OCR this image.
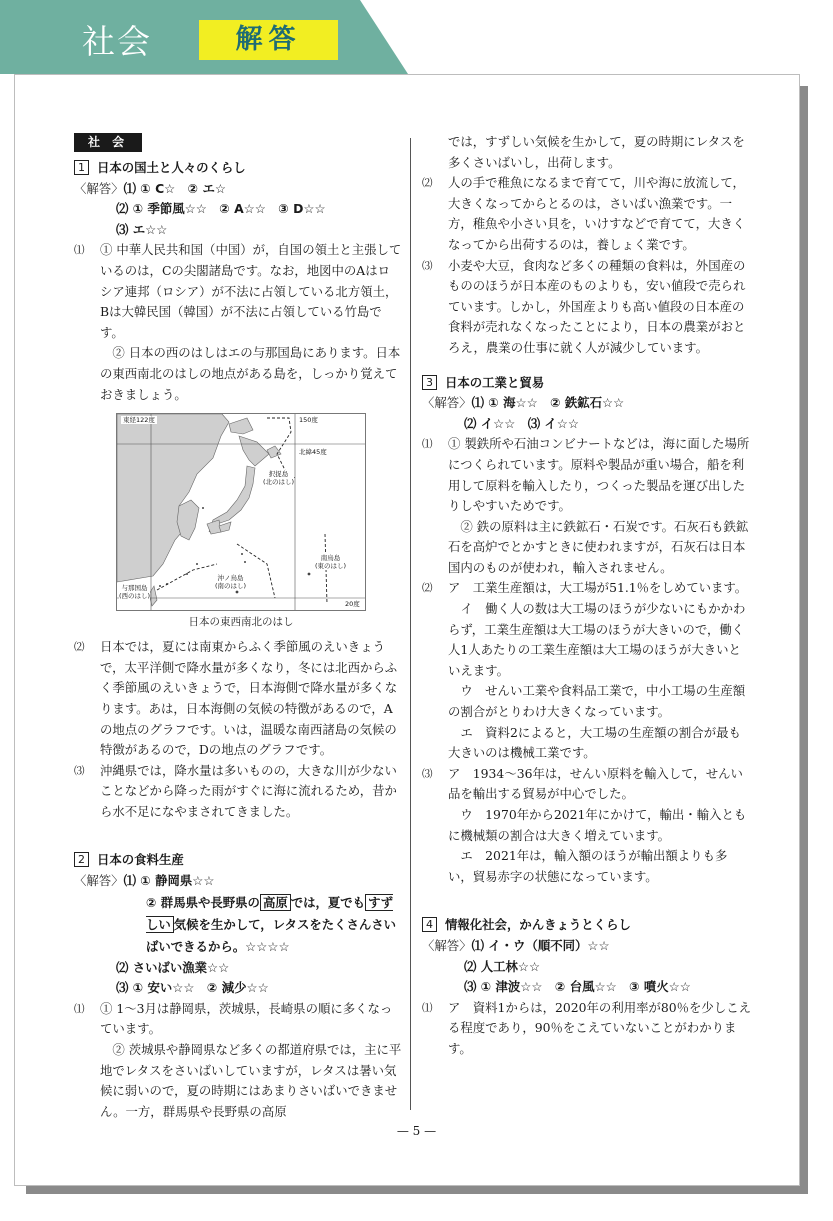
社会	解答
社 会
1 日本の国土と人々のくらし
〈解答〉⑴ ① C☆　② エ☆
⑵ ① 季節風☆☆　② A☆☆　③ D☆☆
⑶ エ☆☆
⑴ ① 中華人民共和国（中国）が，自国の領土と主張しているのは，Cの尖閣諸島です。なお，地図中のAはロシア連邦（ロシア）が不法に占領している北方領土，Bは大韓民国（韓国）が不法に占領している竹島です。
② 日本の西のはしはエの与那国島にあります。日本の東西南北のはしの地点がある島を，しっかり覚えておきましょう。
東経122度	150度
北緯45度
択捉島
(北のはし)
南鳥島
(東のはし)
与那国島
(西のはし)
沖ノ鳥島
(南のはし)
20度
日本の東西南北のはし
⑵ 日本では，夏には南東からふく季節風のえいきょうで，太平洋側で降水量が多くなり，冬には北西からふく季節風のえいきょうで，日本海側で降水量が多くなります。あは，日本海側の気候の特徴があるので，Aの地点のグラフです。いは，温暖な南西諸島の気候の特徴があるので，Dの地点のグラフです。
⑶ 沖縄県では，降水量は多いものの，大きな川が少ないことなどから降った雨がすぐに海に流れるため，昔から水不足になやまされてきました。
2 日本の食料生産
〈解答〉⑴ ① 静岡県☆☆
② 群馬県や長野県の 高原 では，夏でも すずしい 気候を生かして，レタスをたくさんさいばいできるから。☆☆☆☆
⑵ さいばい漁業☆☆
⑶ ① 安い☆☆　② 減少☆☆
⑴ ① 1～3月は静岡県，茨城県，長崎県の順に多くなっています。
② 茨城県や静岡県など多くの都道府県では，主に平地でレタスをさいばいしていますが，レタスは暑い気候に弱いので，夏の時期にはあまりさいばいできません。一方，群馬県や長野県の高原
では，すずしい気候を生かして，夏の時期にレタスを多くさいばいし，出荷します。
⑵ 人の手で稚魚になるまで育てて，川や海に放流して，大きくなってからとるのは，さいばい漁業です。一方，稚魚や小さい貝を，いけすなどで育てて，大きくなってから出荷するのは，養しょく業です。
⑶ 小麦や大豆，食肉など多くの種類の食料は，外国産のもののほうが日本産のものよりも，安い値段で売られています。しかし，外国産よりも高い値段の日本産の食料が売れなくなったことにより，日本の農業がおとろえ，農業の仕事に就く人が減少しています。
3 日本の工業と貿易
〈解答〉⑴ ① 海☆☆　② 鉄鉱石☆☆
⑵ イ☆☆　⑶ イ☆☆
⑴ ① 製鉄所や石油コンビナートなどは，海に面した場所につくられています。原料や製品が重い場合，船を利用して原料を輸入したり，つくった製品を運び出したりしやすいためです。
② 鉄の原料は主に鉄鉱石・石炭です。石灰石も鉄鉱石を高炉でとかすときに使われますが，石灰石は日本国内のものが使われ，輸入されません。
⑵ ア　工業生産額は，大工場が51.1％をしめています。
イ　働く人の数は大工場のほうが少ないにもかかわらず，工業生産額は大工場のほうが大きいので，働く人1人あたりの工業生産額は大工場のほうが大きいといえます。
ウ　せんい工業や食料品工業で，中小工場の生産額の割合がとりわけ大きくなっています。
エ　資料2によると，大工場の生産額の割合が最も大きいのは機械工業です。
⑶ ア　1934～36年は，せんい原料を輸入して，せんい品を輸出する貿易が中心でした。
ウ　1970年から2021年にかけて，輸出・輸入ともに機械類の割合は大きく増えています。
エ　2021年は，輸入額のほうが輸出額よりも多い，貿易赤字の状態になっています。
4 情報化社会，かんきょうとくらし
〈解答〉⑴ イ・ウ（順不同）☆☆
⑵ 人工林☆☆
⑶ ① 津波☆☆　② 台風☆☆　③ 噴火☆☆
⑴ ア　資料1からは，2020年の利用率が80％を少しこえる程度であり，90％をこえていないことがわかります。
— 5 —
